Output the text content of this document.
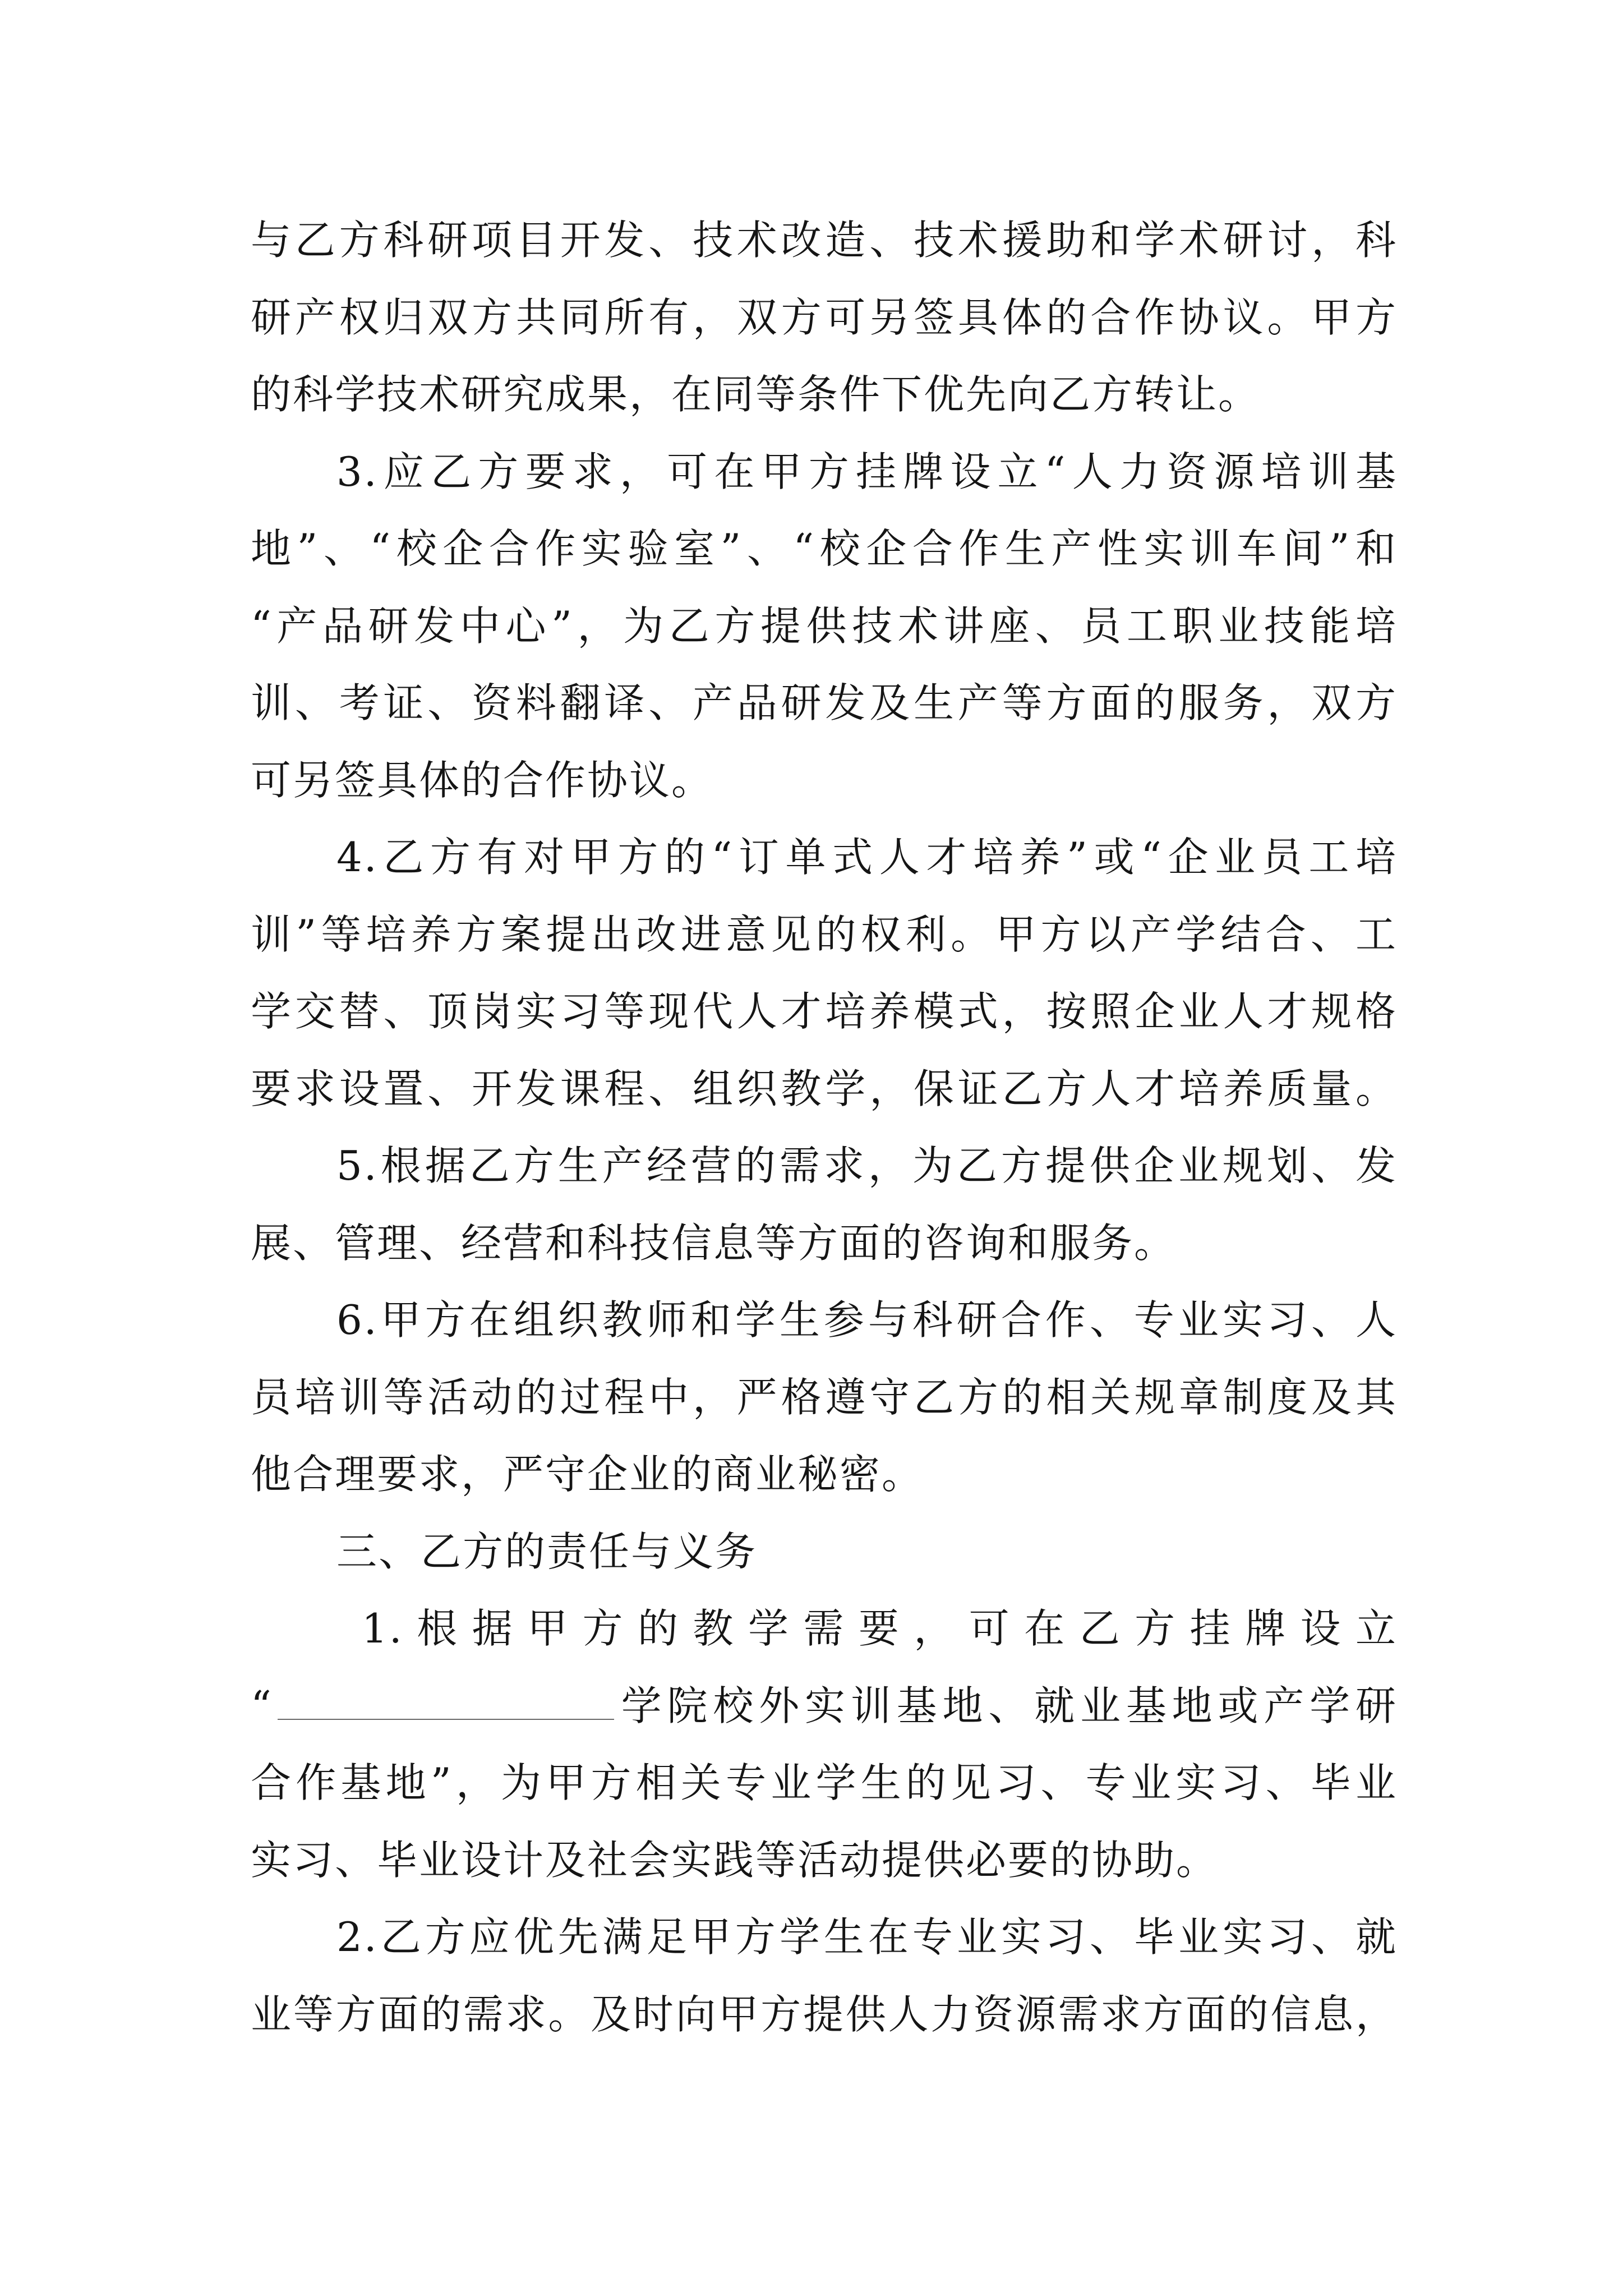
与乙方科研项目开发、技术改造、技术援助和学术研讨，科
研产权归双方共同所有，双方可另签具体的合作协议。甲方
的科学技术研究成果，在同等条件下优先向乙方转让。
3.应乙方要求，可在甲方挂牌设立“人力资源培训基
地”、“校企合作实验室”、“校企合作生产性实训车间”和
“产品研发中心”，为乙方提供技术讲座、员工职业技能培
训、考证、资料翻译、产品研发及生产等方面的服务，双方
可另签具体的合作协议。
4.乙方有对甲方的“订单式人才培养”或“企业员工培
训”等培养方案提出改进意见的权利。甲方以产学结合、工
学交替、顶岗实习等现代人才培养模式，按照企业人才规格
要求设置、开发课程、组织教学，保证乙方人才培养质量。
5.根据乙方生产经营的需求，为乙方提供企业规划、发
展、管理、经营和科技信息等方面的咨询和服务。
6.甲方在组织教师和学生参与科研合作、专业实习、人
员培训等活动的过程中，严格遵守乙方的相关规章制度及其
他合理要求，严守企业的商业秘密。
三、乙方的责任与义务
1.根据甲方的教学需要，可在乙方挂牌设立
“	学院校外实训基地、就业基地或产学研
合作基地”，为甲方相关专业学生的见习、专业实习、毕业
实习、毕业设计及社会实践等活动提供必要的协助。
2.乙方应优先满足甲方学生在专业实习、毕业实习、就
业等方面的需求。及时向甲方提供人力资源需求方面的信息，
